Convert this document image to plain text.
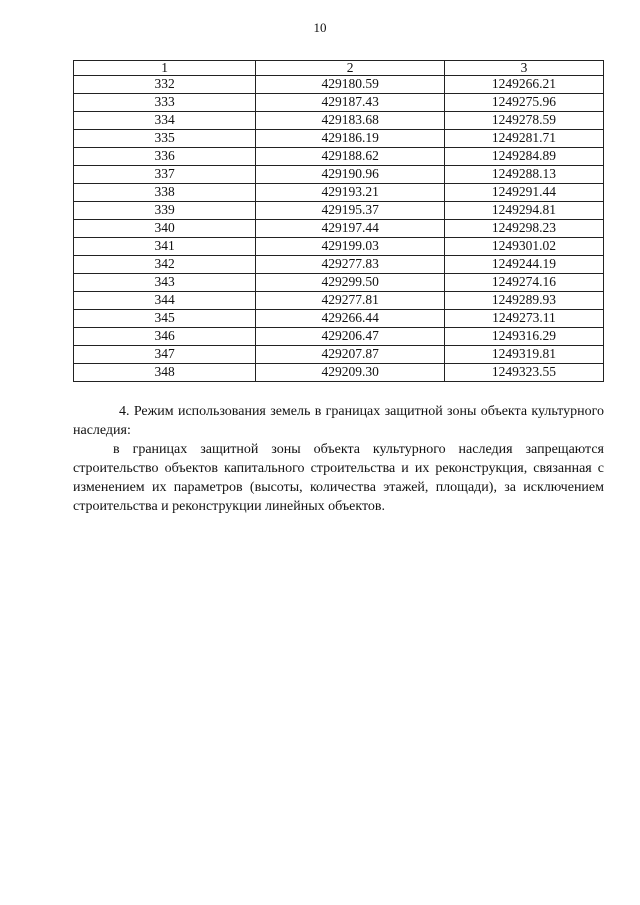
10
1	2	3
332	429180.59	1249266.21
333	429187.43	1249275.96
334	429183.68	1249278.59
335	429186.19	1249281.71
336	429188.62	1249284.89
337	429190.96	1249288.13
338	429193.21	1249291.44
339	429195.37	1249294.81
340	429197.44	1249298.23
341	429199.03	1249301.02
342	429277.83	1249244.19
343	429299.50	1249274.16
344	429277.81	1249289.93
345	429266.44	1249273.11
346	429206.47	1249316.29
347	429207.87	1249319.81
348	429209.30	1249323.55
4. Режим использования земель в границах защитной зоны объекта культурного наследия:
в границах защитной зоны объекта культурного наследия запрещаются строительство объектов капитального строительства и их реконструкция, связанная с изменением их параметров (высоты, количества этажей, площади), за исключением строительства и реконструкции линейных объектов.
